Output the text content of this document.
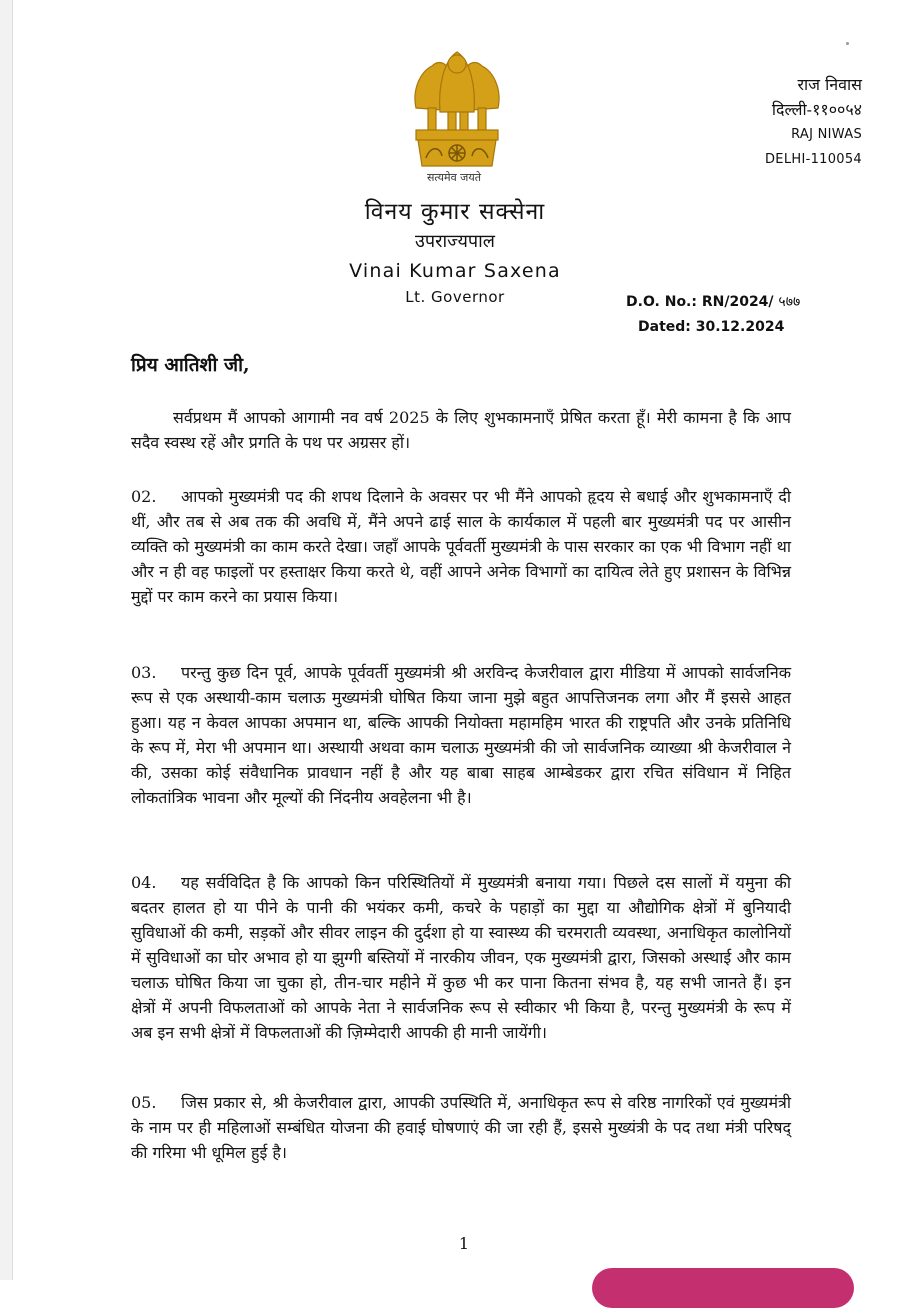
सत्यमेव जयते
राज निवास
दिल्ली-११००५४
RAJ NIWAS
DELHI-110054
विनय कुमार सक्सेना
उपराज्यपाल
Vinai Kumar Saxena
Lt. Governor	D.O. No.: RN/2024/ ५७७
Dated: 30.12.2024
प्रिय आतिशी जी,
सर्वप्रथम मैं आपको आगामी नव वर्ष 2025 के लिए शुभकामनाएँ प्रेषित करता हूँ। मेरी कामना है कि आप सदैव स्वस्थ रहें और प्रगति के पथ पर अग्रसर हों।
02. आपको मुख्यमंत्री पद की शपथ दिलाने के अवसर पर भी मैंने आपको हृदय से बधाई और शुभकामनाएँ दी थीं, और तब से अब तक की अवधि में, मैंने अपने ढाई साल के कार्यकाल में पहली बार मुख्यमंत्री पद पर आसीन व्यक्ति को मुख्यमंत्री का काम करते देखा। जहाँ आपके पूर्ववर्ती मुख्यमंत्री के पास सरकार का एक भी विभाग नहीं था और न ही वह फाइलों पर हस्ताक्षर किया करते थे, वहीं आपने अनेक विभागों का दायित्व लेते हुए प्रशासन के विभिन्न मुद्दों पर काम करने का प्रयास किया।
03. परन्तु कुछ दिन पूर्व, आपके पूर्ववर्ती मुख्यमंत्री श्री अरविन्द केजरीवाल द्वारा मीडिया में आपको सार्वजनिक रूप से एक अस्थायी-काम चलाऊ मुख्यमंत्री घोषित किया जाना मुझे बहुत आपत्तिजनक लगा और मैं इससे आहत हुआ। यह न केवल आपका अपमान था, बल्कि आपकी नियोक्ता महामहिम भारत की राष्ट्रपति और उनके प्रतिनिधि के रूप में, मेरा भी अपमान था। अस्थायी अथवा काम चलाऊ मुख्यमंत्री की जो सार्वजनिक व्याख्या श्री केजरीवाल ने की, उसका कोई संवैधानिक प्रावधान नहीं है और यह बाबा साहब आम्बेडकर द्वारा रचित संविधान में निहित लोकतांत्रिक भावना और मूल्यों की निंदनीय अवहेलना भी है।
04. यह सर्वविदित है कि आपको किन परिस्थितियों में मुख्यमंत्री बनाया गया। पिछले दस सालों में यमुना की बदतर हालत हो या पीने के पानी की भयंकर कमी, कचरे के पहाड़ों का मुद्दा या औद्योगिक क्षेत्रों में बुनियादी सुविधाओं की कमी, सड़कों और सीवर लाइन की दुर्दशा हो या स्वास्थ्य की चरमराती व्यवस्था, अनाधिकृत कालोनियों में सुविधाओं का घोर अभाव हो या झुग्गी बस्तियों में नारकीय जीवन, एक मुख्यमंत्री द्वारा, जिसको अस्थाई और काम चलाऊ घोषित किया जा चुका हो, तीन-चार महीने में कुछ भी कर पाना कितना संभव है, यह सभी जानते हैं। इन क्षेत्रों में अपनी विफलताओं को आपके नेता ने सार्वजनिक रूप से स्वीकार भी किया है, परन्तु मुख्यमंत्री के रूप में अब इन सभी क्षेत्रों में विफलताओं की ज़िम्मेदारी आपकी ही मानी जायेंगी।
05. जिस प्रकार से, श्री केजरीवाल द्वारा, आपकी उपस्थिति में, अनाधिकृत रूप से वरिष्ठ नागरिकों एवं मुख्यमंत्री के नाम पर ही महिलाओं सम्बंधित योजना की हवाई घोषणाएं की जा रही हैं, इससे मुख्यंत्री के पद तथा मंत्री परिषद् की गरिमा भी धूमिल हुई है।
1
